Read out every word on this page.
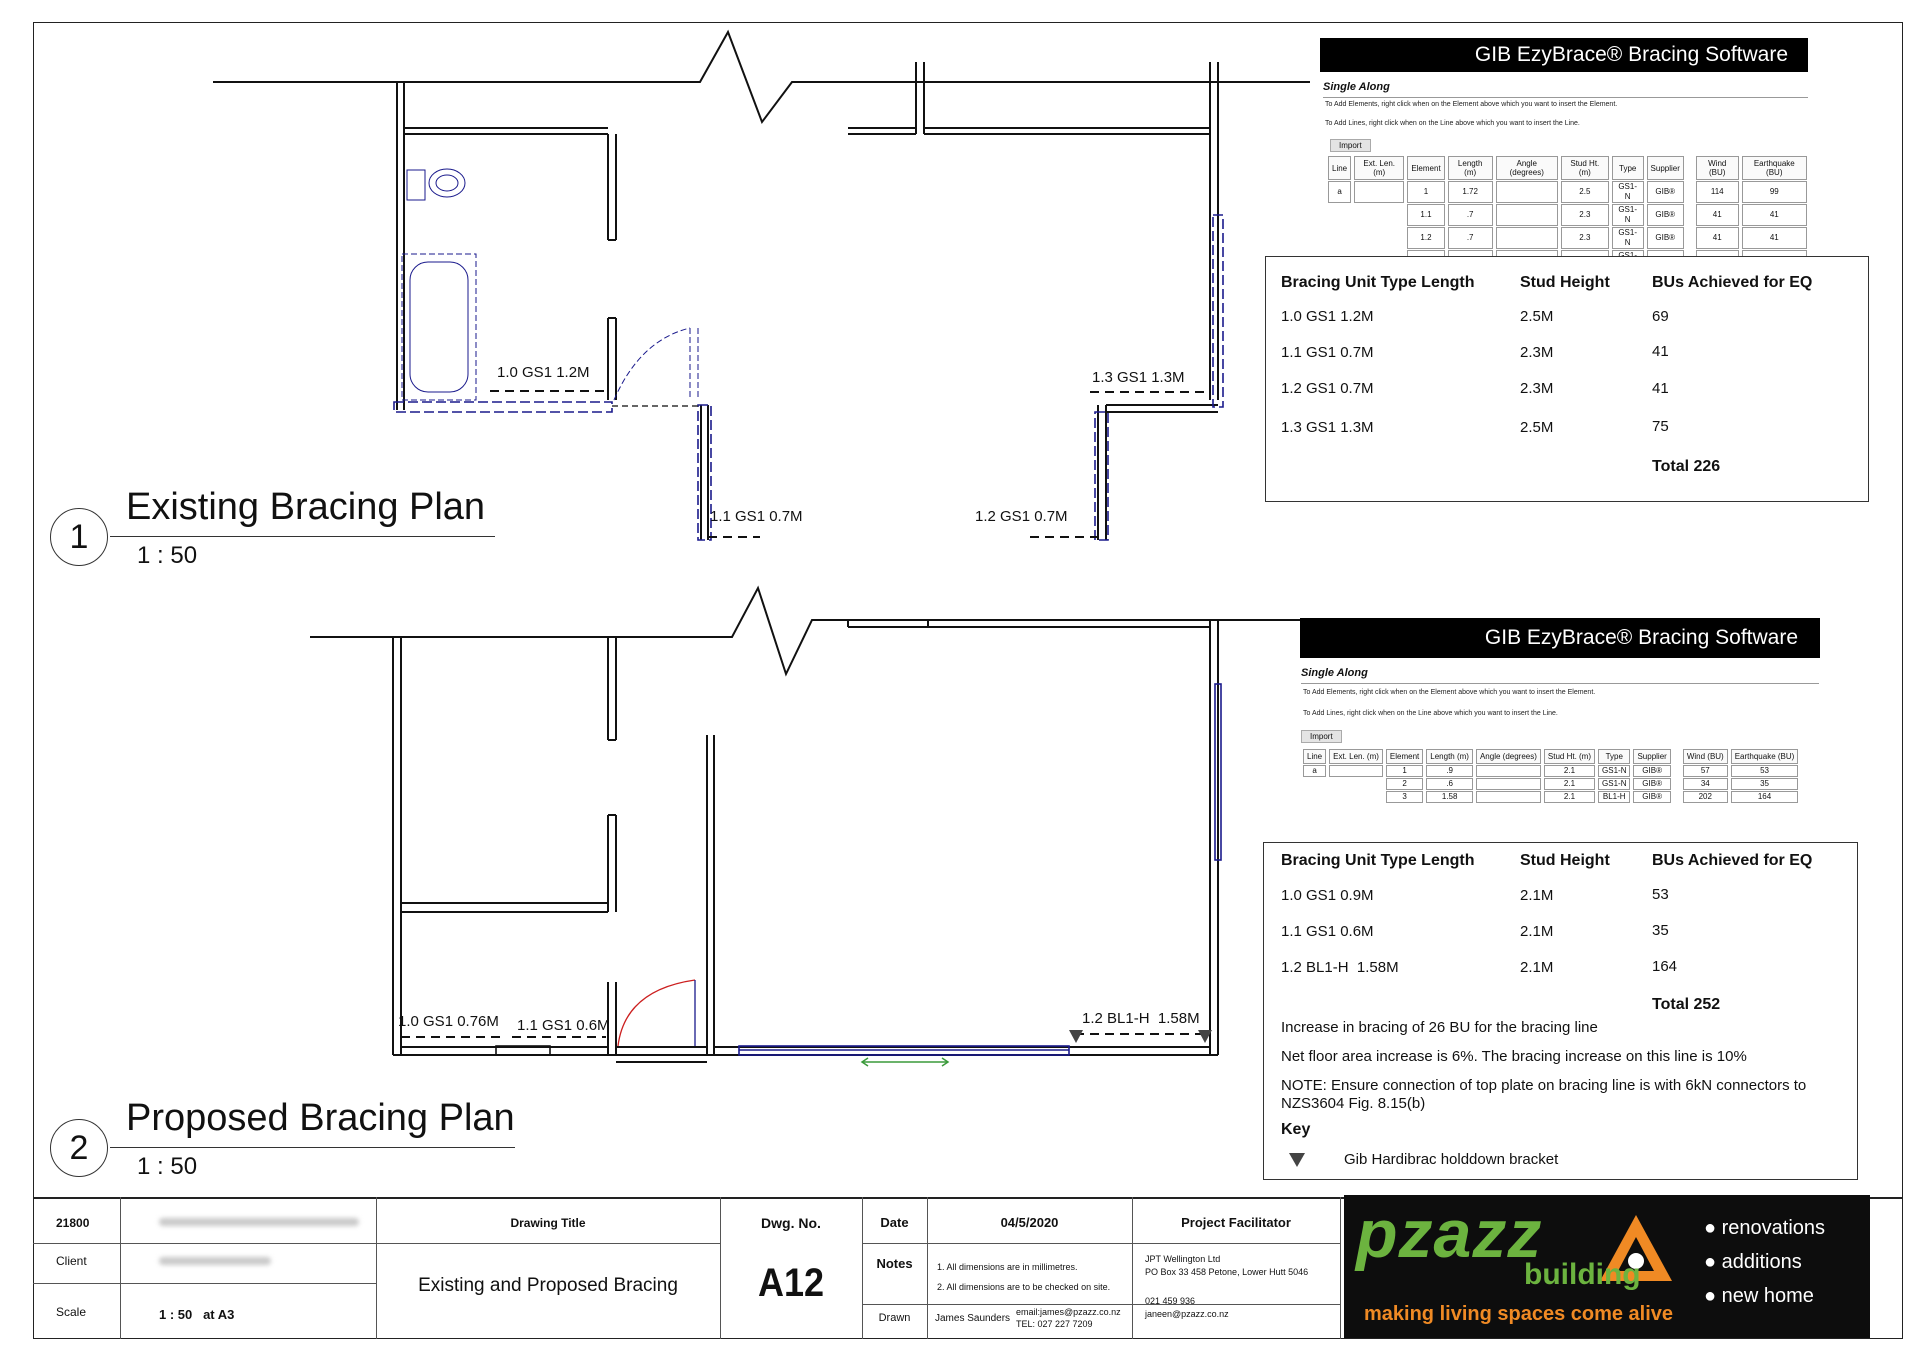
1.0 GS1 1.2M
1.1 GS1 0.7M	1.2 GS1 0.7M
1.3 GS1 1.3M
1.0 GS1 0.76M 1.1 GS1 0.6M	1.2 BL1-H  1.58M
1
Existing Bracing Plan
1 : 50
2
Proposed Bracing Plan
1 : 50
GIB EzyBrace® Bracing Software
Single Along
To Add Elements, right click when on the Element above which you want to insert the Element.
To Add Lines, right click when on the Line above which you want to insert the Line.
Import
Line	Ext. Len. (m)	Element	Length (m)	Angle (degrees)	Stud Ht. (m)	Type	Supplier		Wind (BU)	Earthquake (BU)
a		1	1.72		2.5	GS1-N	GIB®		114	99
		1.1	.7		2.3	GS1-N	GIB®		41	41
		1.2	.7		2.3	GS1-N	GIB®		41	41

Bracing Unit Type Length	Stud Height	BUs Achieved for EQ
1.0 GS1 1.2M	2.5M	69
1.1 GS1 0.7M	2.3M	41
1.2 GS1 0.7M	2.3M	41
1.3 GS1 1.3M	2.5M	75
Total 226
GIB EzyBrace® Bracing Software
Single Along
To Add Elements, right click when on the Element above which you want to insert the Element.
To Add Lines, right click when on the Line above which you want to insert the Line.
Import
Line	Ext. Len. (m)	Element	Length (m)	Angle (degrees)	Stud Ht. (m)	Type	Supplier		Wind (BU)	Earthquake (BU)
a		1	.9		2.1	GS1-N	GIB®		57	53
		2	.6		2.1	GS1-N	GIB®		34	35
		3	1.58		2.1	BL1-H	GIB®		202	164
Bracing Unit Type Length	Stud Height	BUs Achieved for EQ
1.0 GS1 0.9M	2.1M	53
1.1 GS1 0.6M	2.1M	35
1.2 BL1-H  1.58M	2.1M	164
Total 252
Increase in bracing of 26 BU for the bracing line
Net floor area increase is 6%. The bracing increase on this line is 10%
NOTE: Ensure connection of top plate on bracing line is with 6kN connectors to NZS3604 Fig. 8.15(b)
Key
Gib Hardibrac holddown bracket
21800
Client
Scale	1 : 50   at A3
Drawing Title
Existing and Proposed Bracing
Dwg. No.
A12
Date	04/5/2020
Notes	1. All dimensions are in millimetres.
2. All dimensions are to be checked on site.
Drawn	James Saunders
email:james@pzazz.co.nz
TEL: 027 227 7209
Project Facilitator
JPT Wellington Ltd
PO Box 33 458 Petone, Lower Hutt 5046
021 459 936
janeen@pzazz.co.nz
pzazz
building
making living spaces come alive
● renovations
● additions
● new home
